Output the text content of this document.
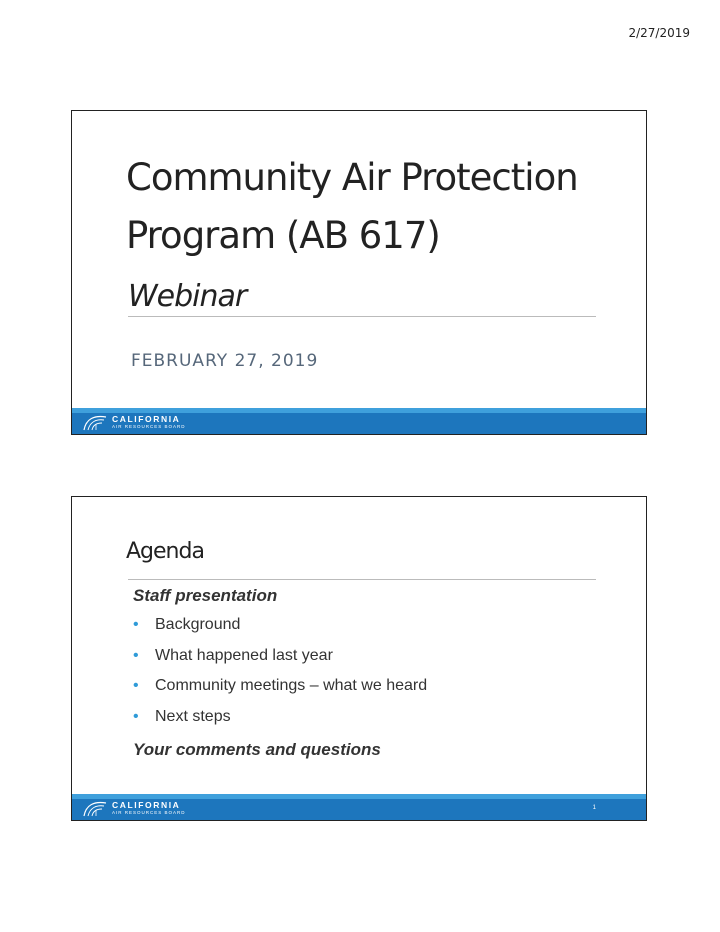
2/27/2019
Community Air Protection
Program (AB 617)
Webinar
FEBRUARY 27, 2019
CALIFORNIA
AIR RESOURCES BOARD
Agenda
Staff presentation
•	Background
•	What happened last year
•	Community meetings – what we heard
•	Next steps
Your comments and questions
CALIFORNIA
AIR RESOURCES BOARD
1
